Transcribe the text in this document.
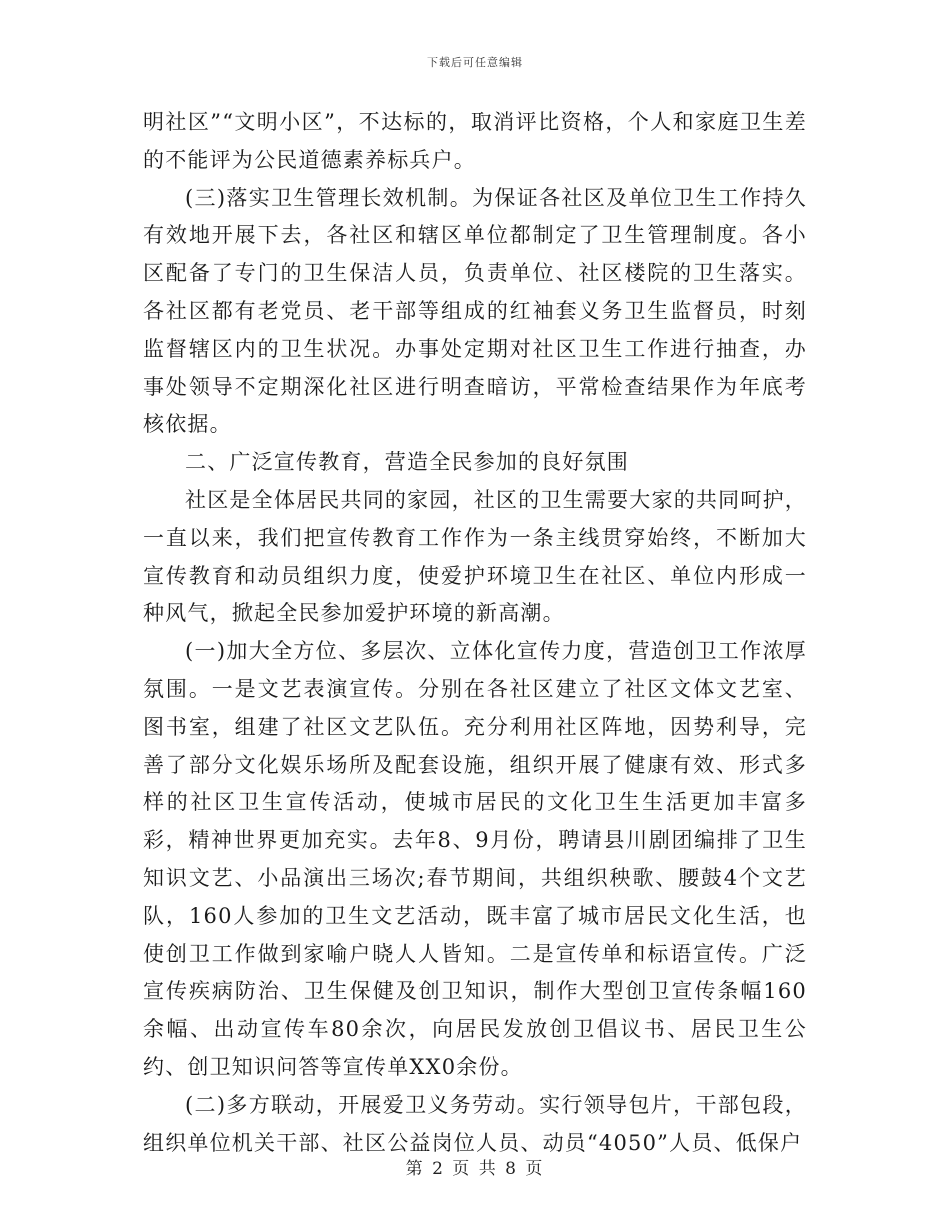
下载后可任意编辑

明社区”“文明小区”，不达标的，取消评比资格，个人和家庭卫生差的不能评为公民道德素养标兵户。

(三)落实卫生管理长效机制。为保证各社区及单位卫生工作持久有效地开展下去，各社区和辖区单位都制定了卫生管理制度。各小区配备了专门的卫生保洁人员，负责单位、社区楼院的卫生落实。各社区都有老党员、老干部等组成的红袖套义务卫生监督员，时刻监督辖区内的卫生状况。办事处定期对社区卫生工作进行抽查，办事处领导不定期深化社区进行明查暗访，平常检查结果作为年底考核依据。

二、广泛宣传教育，营造全民参加的良好氛围

社区是全体居民共同的家园，社区的卫生需要大家的共同呵护，一直以来，我们把宣传教育工作作为一条主线贯穿始终，不断加大宣传教育和动员组织力度，使爱护环境卫生在社区、单位内形成一种风气，掀起全民参加爱护环境的新高潮。

(一)加大全方位、多层次、立体化宣传力度，营造创卫工作浓厚氛围。一是文艺表演宣传。分别在各社区建立了社区文体文艺室、图书室，组建了社区文艺队伍。充分利用社区阵地，因势利导，完善了部分文化娱乐场所及配套设施，组织开展了健康有效、形式多样的社区卫生宣传活动，使城市居民的文化卫生生活更加丰富多彩，精神世界更加充实。去年8、9月份，聘请县川剧团编排了卫生知识文艺、小品演出三场次;春节期间，共组织秧歌、腰鼓4个文艺队，160人参加的卫生文艺活动，既丰富了城市居民文化生活，也使创卫工作做到家喻户晓人人皆知。二是宣传单和标语宣传。广泛宣传疾病防治、卫生保健及创卫知识，制作大型创卫宣传条幅160余幅、出动宣传车80余次，向居民发放创卫倡议书、居民卫生公约、创卫知识问答等宣传单XX0余份。

(二)多方联动，开展爱卫义务劳动。实行领导包片，干部包段，组织单位机关干部、社区公益岗位人员、动员“4050”人员、低保户

第 2 页 共 8 页
